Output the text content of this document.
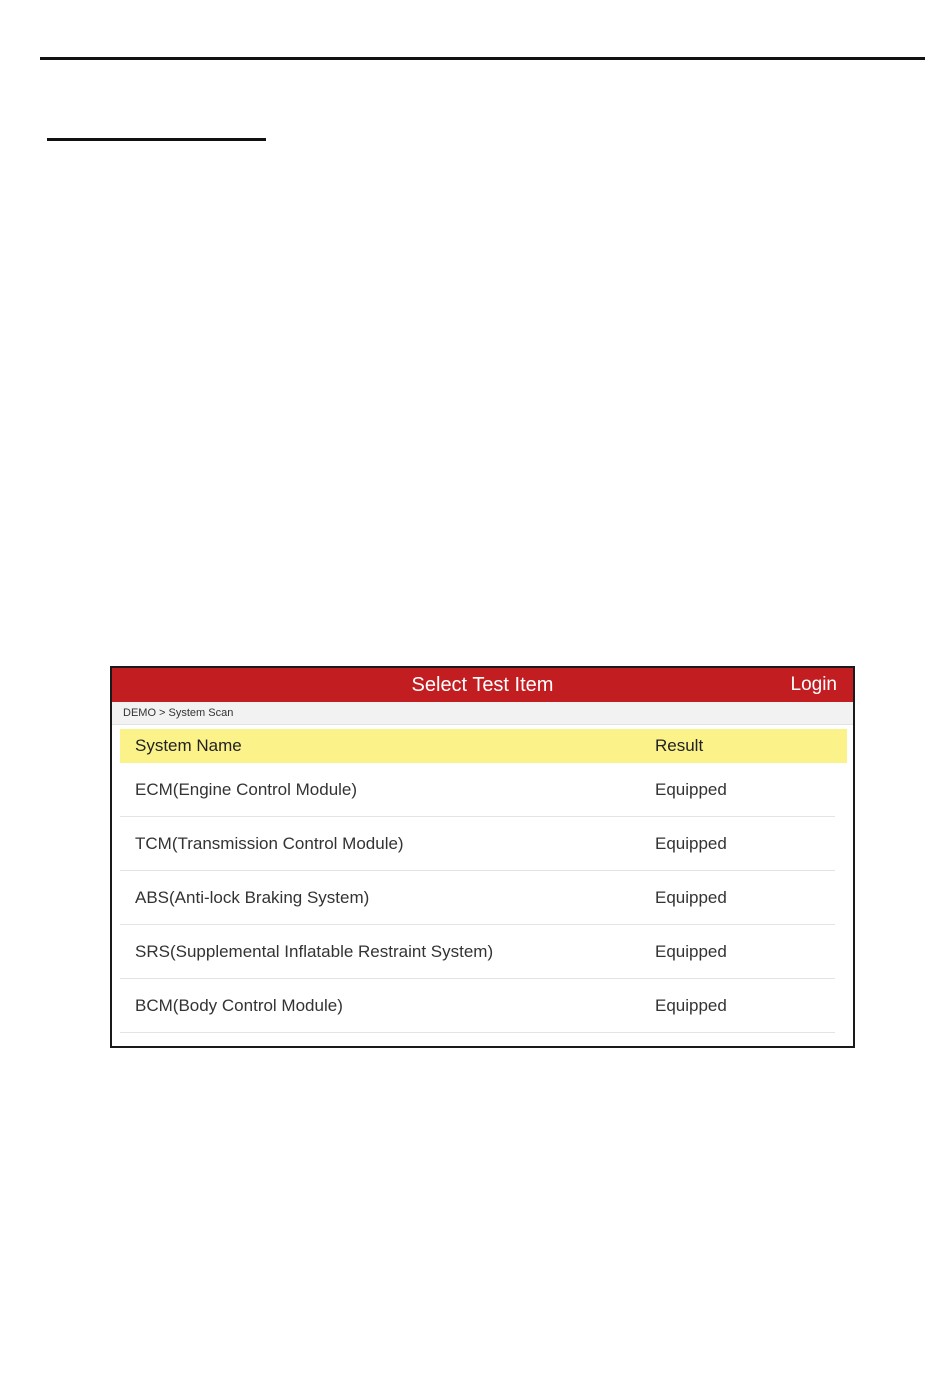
Select Test Item	Login
DEMO > System Scan
System Name	Result
ECM(Engine Control Module)	Equipped
TCM(Transmission Control Module)	Equipped
ABS(Anti-lock Braking System)	Equipped
SRS(Supplemental Inflatable Restraint System)	Equipped
BCM(Body Control Module)	Equipped
